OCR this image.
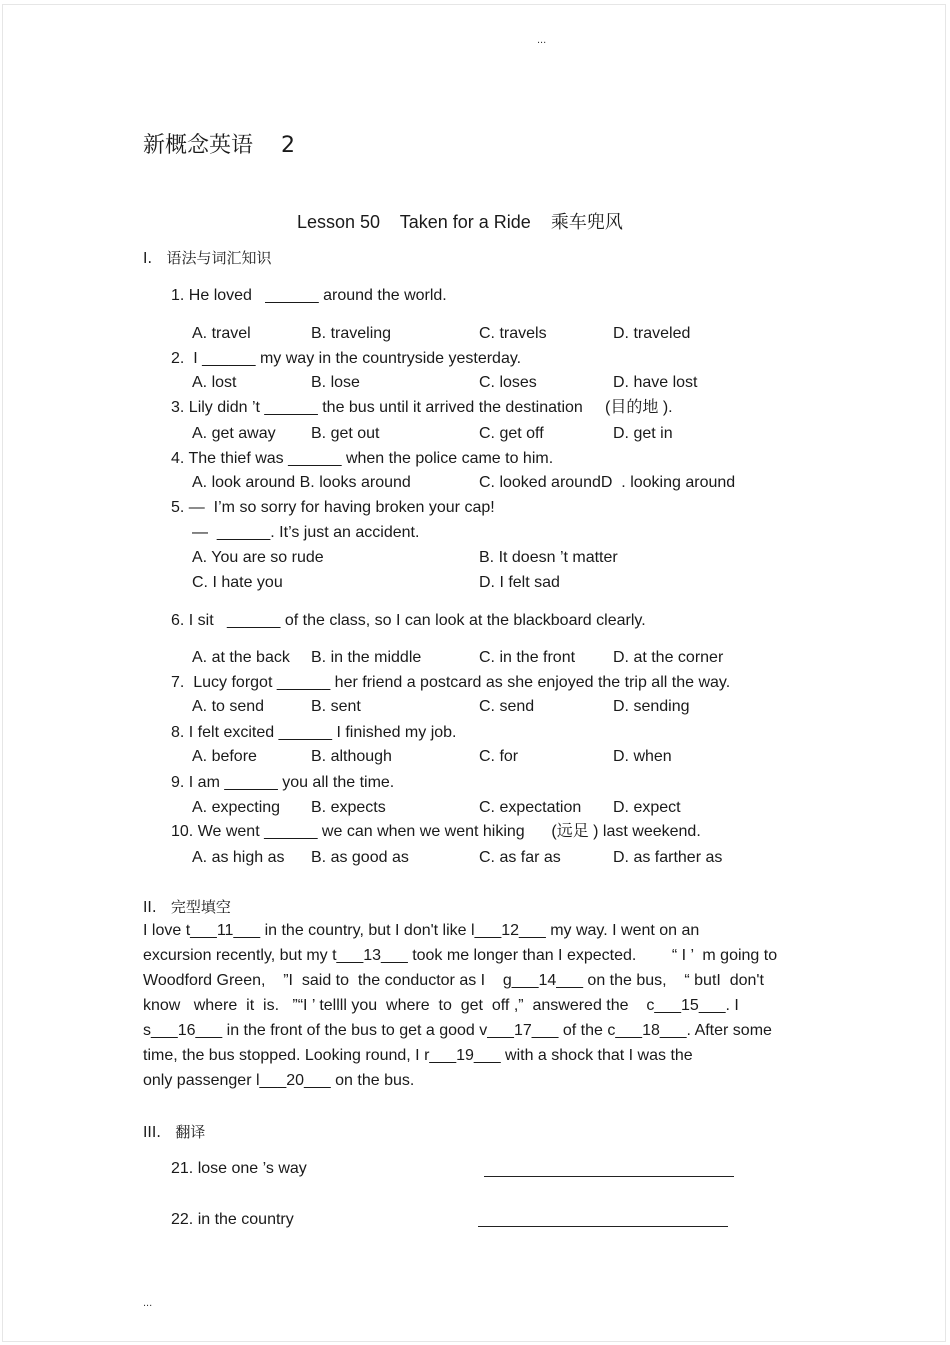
...
新概念英语    2
Lesson 50    Taken for a Ride    乘车兜风
I.   语法与词汇知识
1. He loved   ______ around the world.
A. travel	B. traveling	C. travels	D. traveled
2.  I ______ my way in the countryside yesterday.
A. lost	B. lose	C. loses	D. have lost
3. Lily didn ’t ______ the bus until it arrived the destination     (目的地 ).
A. get away B. get out	C. get off	D. get in
4. The thief was ______ when the police came to him.
A. look around B. looks around	C. looked aroundD  . looking around
5. —  I’m so sorry for having broken your cap!
—  ______. It’s just an accident.
A. You are so rude	B. It doesn ’t matter
C. I hate you	D. I felt sad
6. I sit   ______ of the class, so I can look at the blackboard clearly.
A. at the back B. in the middle	C. in the front D. at the corner
7.  Lucy forgot ______ her friend a postcard as she enjoyed the trip all the way.
A. to send	B. sent	C. send	D. sending
8. I felt excited ______ I finished my job.
A. before	B. although	C. for	D. when
9. I am ______ you all the time.
A. expecting B. expects	C. expectation D. expect
10. We went ______ we can when we went hiking      (远足 ) last weekend.
A. as high as B. as good as	C. as far as	D. as farther as
II.   完型填空
I love t___11___ in the country, but I don't like l___12___ my way. I went on an
excursion recently, but my t___13___ took me longer than I expected.        “ I ’  m going to
Woodford Green,    ”I  said to  the conductor as I    g___14___ on the bus,    “ butI  don't
know   where  it  is.   ”“I ’ tellll you  where  to  get  off ,”  answered the    c___15___. I
s___16___ in the front of the bus to get a good v___17___ of the c___18___. After some
time, the bus stopped. Looking round, I r___19___ with a shock that I was the
only passenger l___20___ on the bus.
III.   翻译
21. lose one ’s way
22. in the country
...
